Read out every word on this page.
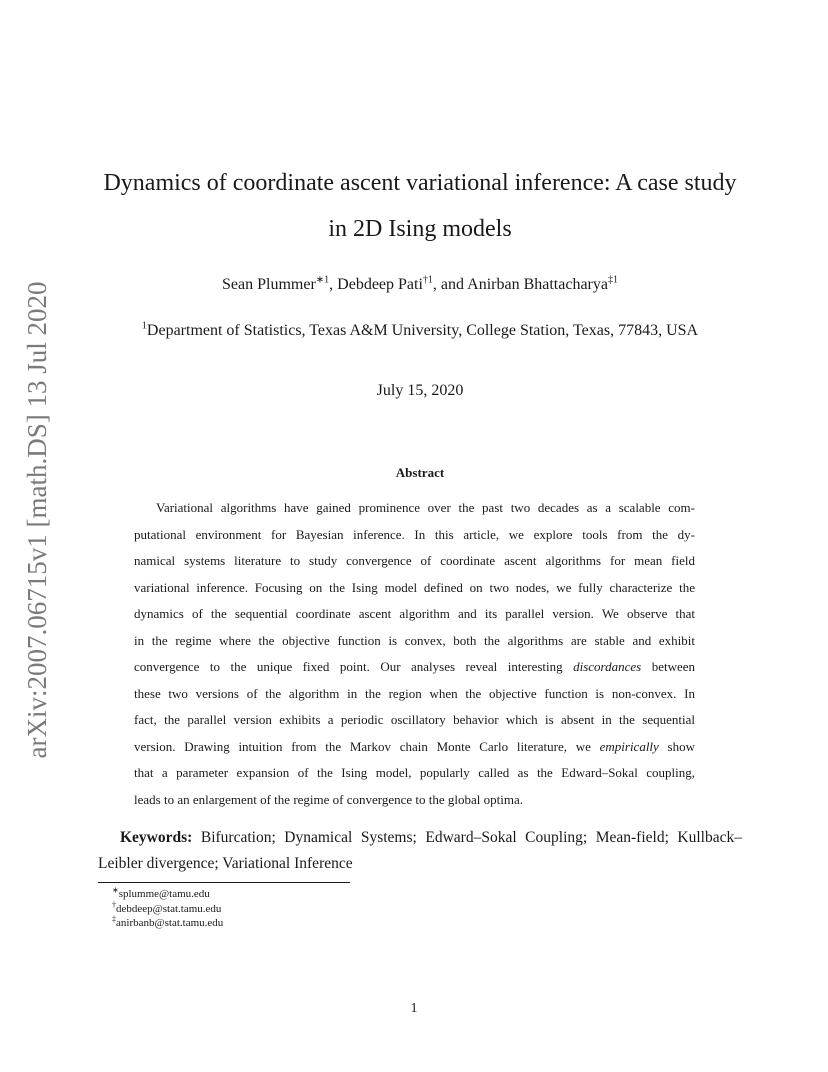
arXiv:2007.06715v1 [math.DS] 13 Jul 2020
Dynamics of coordinate ascent variational inference: A case study
in 2D Ising models
Sean Plummer$^{∗1}$, Debdeep Pati$^{\dagger 1}$, and Anirban Bhattacharya$^{\ddagger 1}$
$^1$Department of Statistics, Texas A&M University, College Station, Texas, 77843, USA
July 15, 2020
Abstract
Variational algorithms have gained prominence over the past two decades as a scalable com-
putational environment for Bayesian inference. In this article, we explore tools from the dy-
namical systems literature to study convergence of coordinate ascent algorithms for mean field
variational inference. Focusing on the Ising model defined on two nodes, we fully characterize the
dynamics of the sequential coordinate ascent algorithm and its parallel version. We observe that
in the regime where the objective function is convex, both the algorithms are stable and exhibit
convergence to the unique fixed point. Our analyses reveal interesting discordances between
these two versions of the algorithm in the region when the objective function is non-convex. In
fact, the parallel version exhibits a periodic oscillatory behavior which is absent in the sequential
version. Drawing intuition from the Markov chain Monte Carlo literature, we empirically show
that a parameter expansion of the Ising model, popularly called as the Edward–Sokal coupling,
leads to an enlargement of the regime of convergence to the global optima.
Keywords: Bifurcation; Dynamical Systems; Edward–Sokal Coupling; Mean-field; Kullback–
Leibler divergence; Variational Inference
∗splumme@tamu.edu
†debdeep@stat.tamu.edu
‡anirbanb@stat.tamu.edu
1
